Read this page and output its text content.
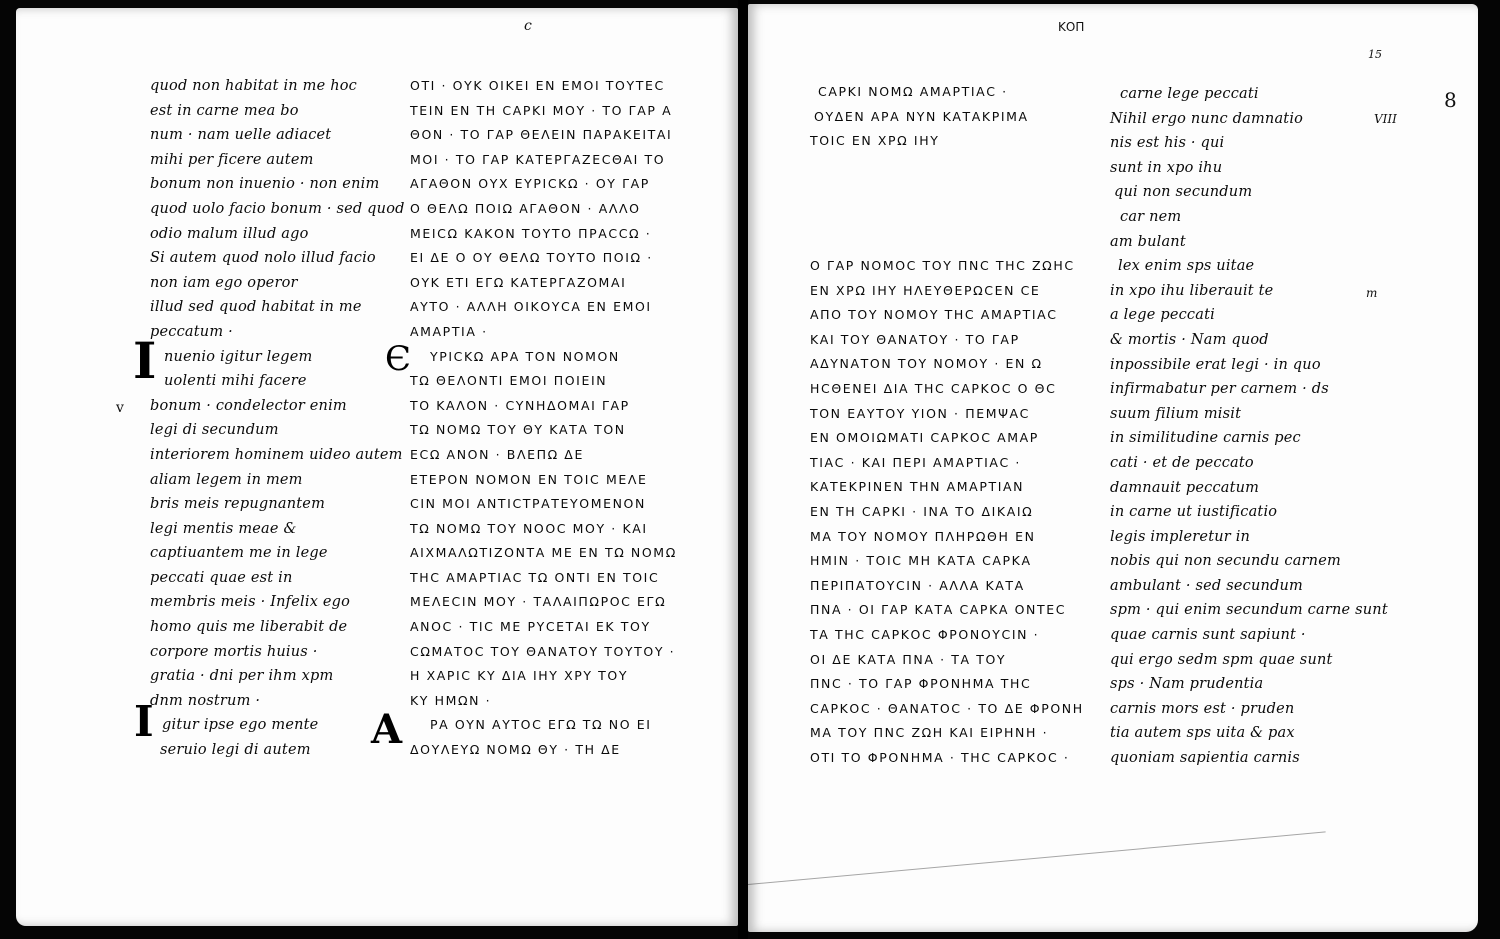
c
v
I
I
Є
A
quod non habitat in me hoc
est in carne mea bo
num · nam uelle adiacet
mihi per ficere autem
bonum non inuenio · non enim
quod uolo facio bonum · sed quod
odio malum illud ago
Si autem quod nolo illud facio
non iam ego operor
illud sed quod habitat in me
peccatum ·
nuenio igitur legem
uolenti mihi facere
bonum · condelector enim
legi di secundum
interiorem hominem uideo autem
aliam legem in mem
bris meis repugnantem
legi mentis meae &
captiuantem me in lege
peccati quae est in
membris meis · Infelix ego
homo quis me liberabit de
corpore mortis huius ·
gratia · dni per ihm xpm
dnm nostrum ·
gitur ipse ego mente
seruio legi di autem
ΟΤΙ · ΟΥΚ ΟΙΚΕΙ ΕΝ ΕΜΟΙ ΤΟΥΤΕC
ΤΕΙΝ ΕΝ ΤΗ CΑΡΚΙ ΜΟΥ · ΤΟ ΓΑΡ Α
ΘΟΝ · ΤΟ ΓΑΡ ΘΕΛΕΙΝ ΠΑΡΑΚΕΙΤΑΙ
ΜΟΙ · ΤΟ ΓΑΡ ΚΑΤΕΡΓΑΖΕCΘΑΙ ΤΟ
ΑΓΑΘΟΝ ΟΥΧ ΕΥΡΙCΚΩ · ΟΥ ΓΑΡ
Ο ΘΕΛΩ ΠΟΙΩ ΑΓΑΘΟΝ · ΑΛΛΟ
ΜΕΙCΩ ΚΑΚΟΝ ΤΟΥΤΟ ΠΡΑCCΩ ·
ΕΙ ΔΕ Ο ΟΥ ΘΕΛΩ ΤΟΥΤΟ ΠΟΙΩ ·
ΟΥΚ ΕΤΙ ΕΓΩ ΚΑΤΕΡΓΑΖΟΜΑΙ
ΑΥΤΟ · ΑΛΛΗ ΟΙΚΟΥCΑ ΕΝ ΕΜΟΙ
ΑΜΑΡΤΙΑ ·
ΥΡΙCΚΩ ΑΡΑ ΤΟΝ ΝΟΜΟΝ
ΤΩ ΘΕΛΟΝΤΙ ΕΜΟΙ ΠΟΙΕΙΝ
ΤΟ ΚΑΛΟΝ · CΥΝΗΔΟΜΑΙ ΓΑΡ
ΤΩ ΝΟΜΩ ΤΟΥ ΘΥ ΚΑΤΑ ΤΟΝ
ΕCΩ ΑΝΟΝ · ΒΛΕΠΩ ΔΕ
ΕΤΕΡΟΝ ΝΟΜΟΝ ΕΝ ΤΟΙC ΜΕΛΕ
CΙΝ ΜΟΙ ΑΝΤΙCΤΡΑΤΕΥΟΜΕΝΟΝ
ΤΩ ΝΟΜΩ ΤΟΥ ΝΟΟC ΜΟΥ · ΚΑΙ
ΑΙΧΜΑΛΩΤΙΖΟΝΤΑ ΜΕ ΕΝ ΤΩ ΝΟΜΩ
ΤΗC ΑΜΑΡΤΙΑC ΤΩ ΟΝΤΙ ΕΝ ΤΟΙC
ΜΕΛΕCΙΝ ΜΟΥ · ΤΑΛΑΙΠΩΡΟC ΕΓΩ
ΑΝΟC · ΤΙC ΜΕ ΡΥCΕΤΑΙ ΕΚ ΤΟΥ
CΩΜΑΤΟC ΤΟΥ ΘΑΝΑΤΟΥ ΤΟΥΤΟΥ ·
Η ΧΑΡΙC ΚΥ ΔΙΑ ΙΗΥ ΧΡΥ ΤΟΥ
ΚΥ ΗΜΩΝ ·
ΡΑ ΟΥΝ ΑΥΤΟC ΕΓΩ ΤΩ ΝΟ ΕΙ
ΔΟΥΛΕΥΩ ΝΟΜΩ ΘΥ · ΤΗ ΔΕ
ΚΟΠ
15
8
VIII
m
CΑΡΚΙ ΝΟΜΩ ΑΜΑΡΤΙΑC ·
ΟΥΔΕΝ ΑΡΑ ΝΥΝ ΚΑΤΑΚΡΙΜΑ
ΤΟΙC ΕΝ ΧΡΩ ΙΗΥ
Ο ΓΑΡ ΝΟΜΟC ΤΟΥ ΠΝC ΤΗC ΖΩΗC
ΕΝ ΧΡΩ ΙΗΥ ΗΛΕΥΘΕΡΩCΕΝ CΕ
ΑΠΟ ΤΟΥ ΝΟΜΟΥ ΤΗC ΑΜΑΡΤΙΑC
ΚΑΙ ΤΟΥ ΘΑΝΑΤΟΥ · ΤΟ ΓΑΡ
ΑΔΥΝΑΤΟΝ ΤΟΥ ΝΟΜΟΥ · ΕΝ Ω
ΗCΘΕΝΕΙ ΔΙΑ ΤΗC CΑΡΚΟC Ο ΘC
ΤΟΝ ΕΑΥΤΟΥ ΥΙΟΝ · ΠΕΜΨΑC
ΕΝ ΟΜΟΙΩΜΑΤΙ CΑΡΚΟC ΑΜΑΡ
ΤΙΑC · ΚΑΙ ΠΕΡΙ ΑΜΑΡΤΙΑC ·
ΚΑΤΕΚΡΙΝΕΝ ΤΗΝ ΑΜΑΡΤΙΑΝ
ΕΝ ΤΗ CΑΡΚΙ · ΙΝΑ ΤΟ ΔΙΚΑΙΩ
ΜΑ ΤΟΥ ΝΟΜΟΥ ΠΛΗΡΩΘΗ ΕΝ
ΗΜΙΝ · ΤΟΙC ΜΗ ΚΑΤΑ CΑΡΚΑ
ΠΕΡΙΠΑΤΟΥCΙΝ · ΑΛΛΑ ΚΑΤΑ
ΠΝΑ · ΟΙ ΓΑΡ ΚΑΤΑ CΑΡΚΑ ΟΝΤΕC
ΤΑ ΤΗC CΑΡΚΟC ΦΡΟΝΟΥCΙΝ ·
ΟΙ ΔΕ ΚΑΤΑ ΠΝΑ · ΤΑ ΤΟΥ
ΠΝC · ΤΟ ΓΑΡ ΦΡΟΝΗΜΑ ΤΗC
CΑΡΚΟC · ΘΑΝΑΤΟC · ΤΟ ΔΕ ΦΡΟΝΗ
ΜΑ ΤΟΥ ΠΝC ΖΩΗ ΚΑΙ ΕΙΡΗΝΗ ·
ΟΤΙ ΤΟ ΦΡΟΝΗΜΑ · ΤΗC CΑΡΚΟC ·
carne lege peccati
Nihil ergo nunc damnatio
nis est his · qui
sunt in xpo ihu
qui non secundum
car nem
am bulant
lex enim sps uitae
in xpo ihu liberauit te
a lege peccati
& mortis · Nam quod
inpossibile erat legi · in quo
infirmabatur per carnem · ds
suum filium misit
in similitudine carnis pec
cati · et de peccato
damnauit peccatum
in carne ut iustificatio
legis impleretur in
nobis qui non secundu carnem
ambulant · sed secundum
spm · qui enim secundum carne sunt
quae carnis sunt sapiunt ·
qui ergo sedm spm quae sunt
sps · Nam prudentia
carnis mors est · pruden
tia autem sps uita & pax
quoniam sapientia carnis
